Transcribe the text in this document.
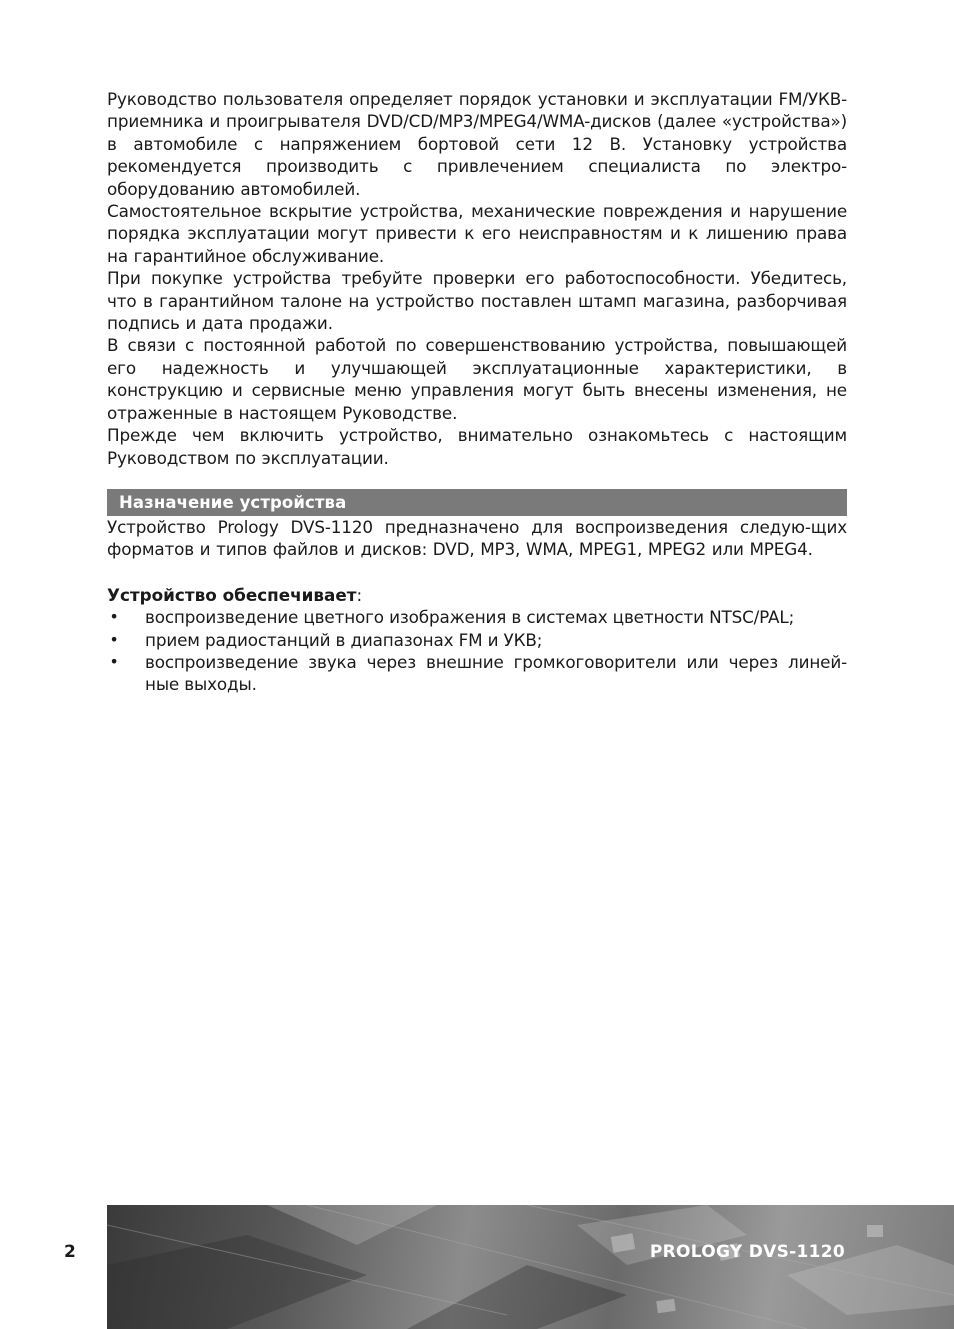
Руководство пользователя определяет порядок установки и эксплуатации FM/УКВ-приемника и проигрывателя DVD/CD/MP3/MPEG4/WMA-дисков (далее «устройства») в автомобиле с напряжением бортовой сети 12 В. Установку устройства рекомендуется производить с привлечением специалиста по электро-оборудованию автомобилей.

Самостоятельное вскрытие устройства, механические повреждения и нарушение порядка эксплуатации могут привести к его неисправностям и к лишению права на гарантийное обслуживание.

При покупке устройства требуйте проверки его работоспособности. Убедитесь, что в гарантийном талоне на устройство поставлен штамп магазина, разборчивая подпись и дата продажи.

В связи с постоянной работой по совершенствованию устройства, повышающей его надежность и улучшающей эксплуатационные характеристики, в конструкцию и сервисные меню управления могут быть внесены изменения, не отраженные в настоящем Руководстве.

Прежде чем включить устройство, внимательно ознакомьтесь с настоящим Руководством по эксплуатации.

Назначение устройства

Устройство Prology DVS-1120 предназначено для воспроизведения следую-щих форматов и типов файлов и дисков: DVD, MP3, WMA, MPEG1, MPEG2 или MPEG4.

Устройство обеспечивает:
• воспроизведение цветного изображения в системах цветности NTSC/PAL;
• прием радиостанций в диапазонах FM и УКВ;
• воспроизведение звука через внешние громкоговорители или через линей-ные выходы.
2	PROLOGY DVS-1120
